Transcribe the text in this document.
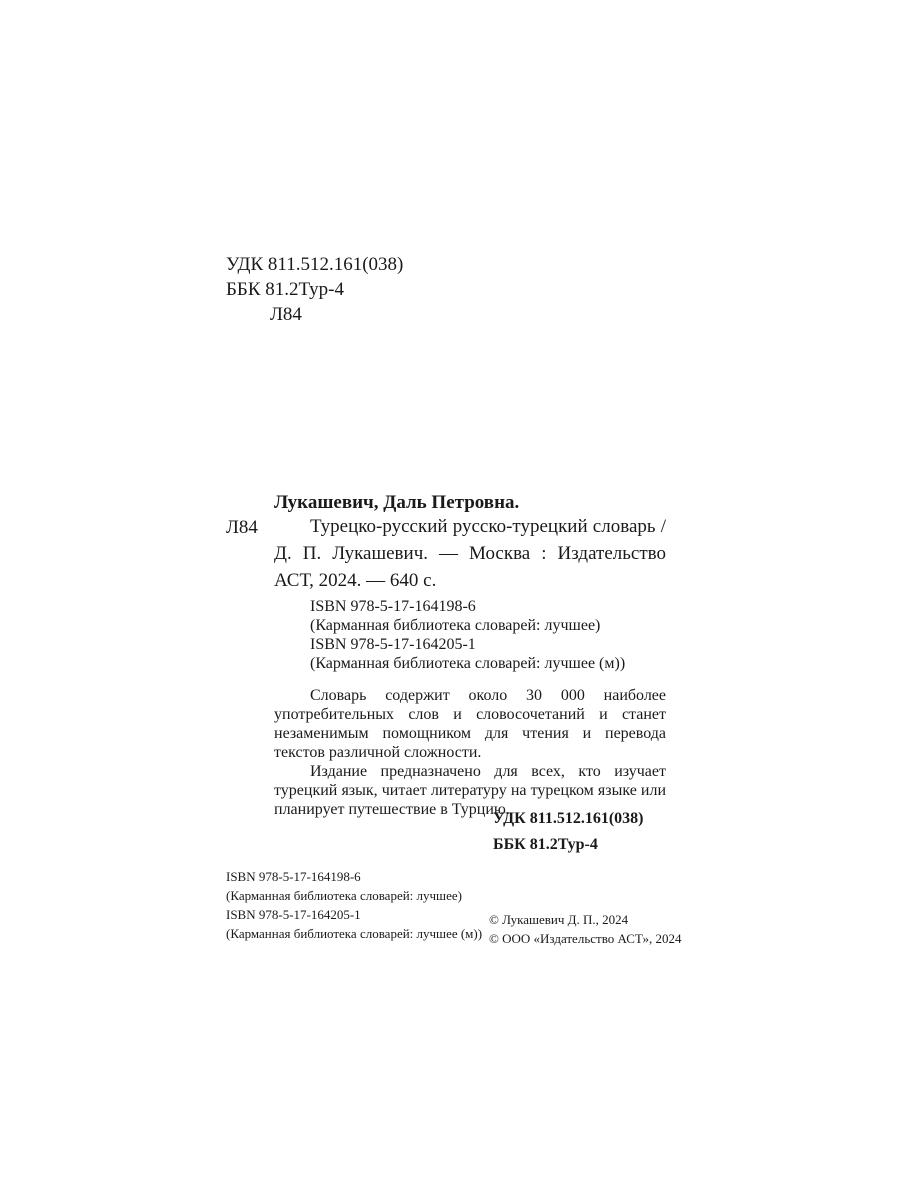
УДК 811.512.161(038)
ББК 81.2Тур-4
Л84
Лукашевич, Даль Петровна.
Л84	Турецко-русский русско-турецкий словарь / Д. П. Лукашевич. — Москва : Издательство АСТ, 2024. — 640 с.
ISBN 978-5-17-164198-6
(Карманная библиотека словарей: лучшее)
ISBN 978-5-17-164205-1
(Карманная библиотека словарей: лучшее (м))

Словарь содержит около 30 000 наиболее употребительных слов и словосочетаний и станет незаменимым помощником для чтения и перевода текстов различной сложности.

Издание предназначено для всех, кто изучает турецкий язык, читает литературу на турецком языке или планирует путешествие в Турцию.

УДК 811.512.161(038)
ББК 81.2Тур-4
ISBN 978-5-17-164198-6
(Карманная библиотека словарей: лучшее)
ISBN 978-5-17-164205-1
(Карманная библиотека словарей: лучшее (м))
© Лукашевич Д. П., 2024
© ООО «Издательство АСТ», 2024
